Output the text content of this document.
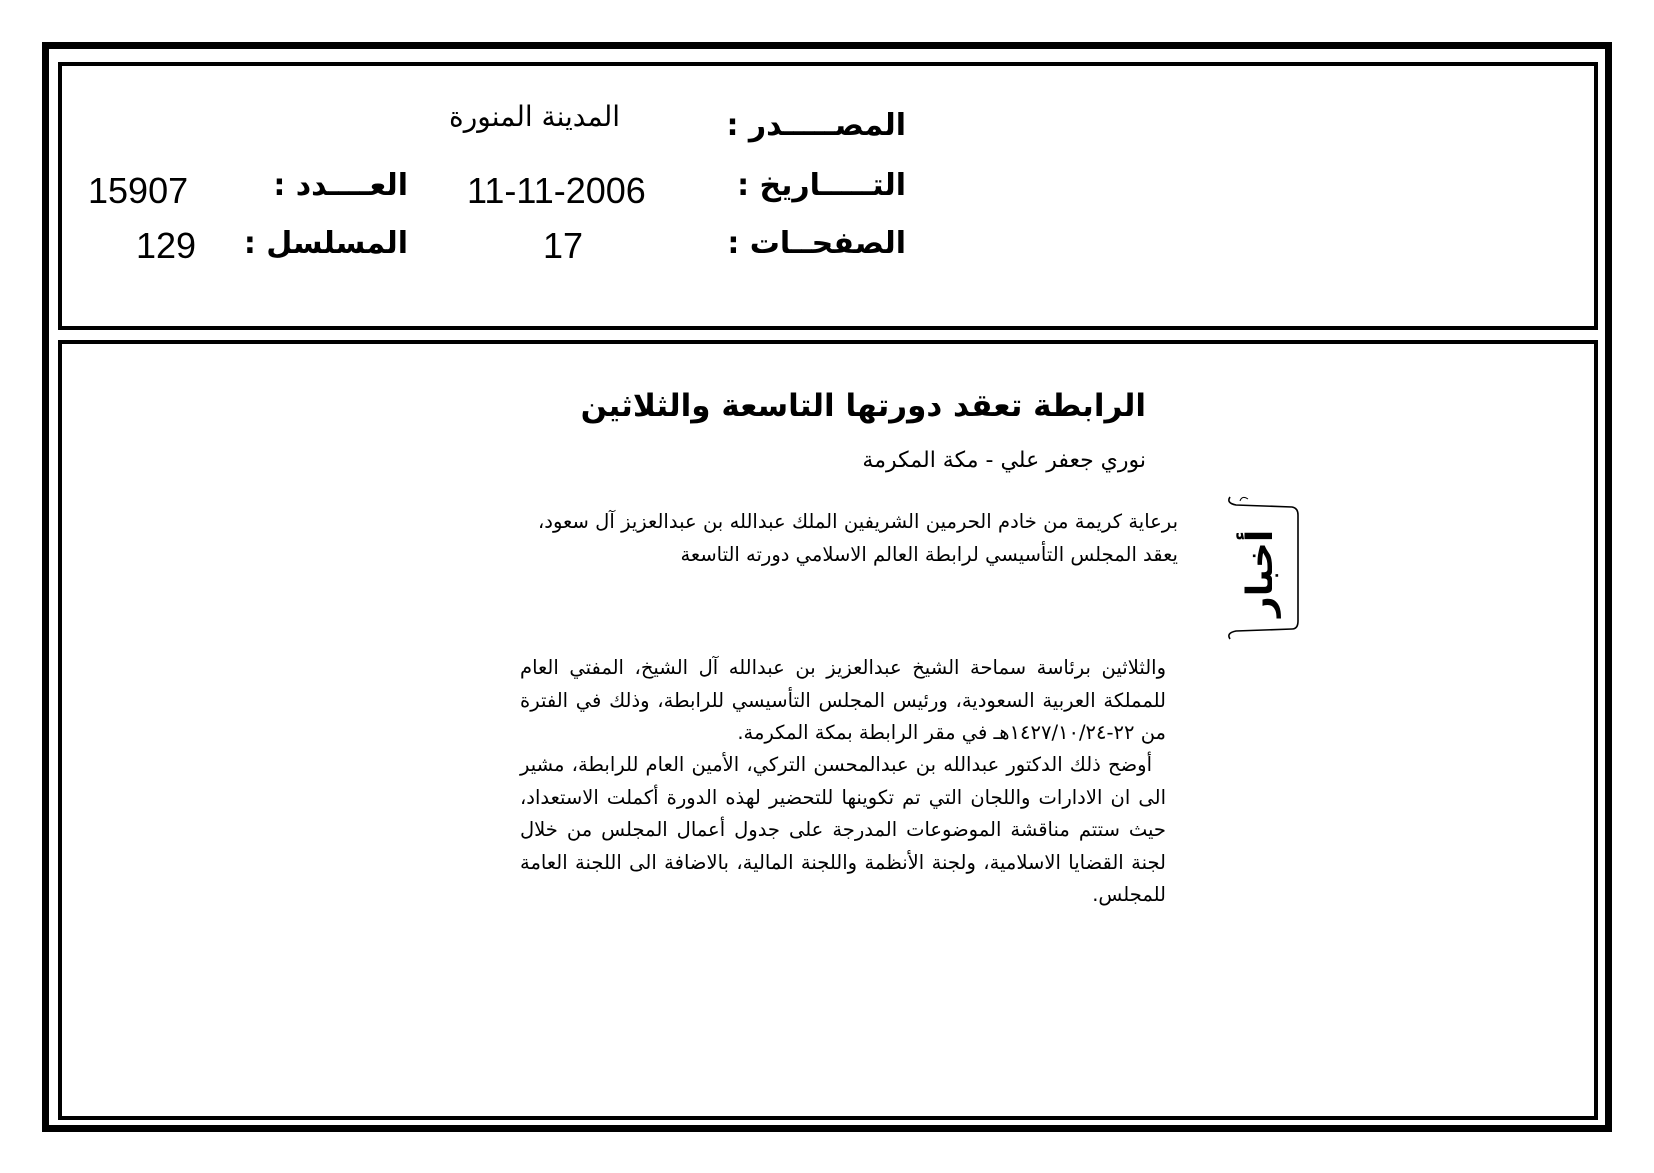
المصـــــدر :
المدينة المنورة
التـــــاريخ :
11-11-2006
العــــدد :
15907
الصفحــات :
17
المسلسل :
129
الرابطة تعقد دورتها التاسعة والثلاثين
نوري جعفر علي - مكة المكرمة
برعاية كريمة من خادم الحرمين الشريفين الملك عبدالله بن عبدالعزيز آل سعود، يعقد المجلس التأسيسي لرابطة العالم الاسلامي دورته التاسعة
والثلاثين برئاسة سماحة الشيخ عبدالعزيز بن عبدالله آل الشيخ، المفتي العام للمملكة العربية السعودية، ورئيس المجلس التأسيسي للرابطة، وذلك في الفترة من ٢٢-١٤٢٧/١٠/٢٤هـ في مقر الرابطة بمكة المكرمة.
أوضح ذلك الدكتور عبدالله بن عبدالمحسن التركي، الأمين العام للرابطة، مشير الى ان الادارات واللجان التي تم تكوينها للتحضير لهذه الدورة أكملت الاستعداد، حيث ستتم مناقشة الموضوعات المدرجة على جدول أعمال المجلس من خلال لجنة القضايا الاسلامية، ولجنة الأنظمة واللجنة المالية، بالاضافة الى اللجنة العامة للمجلس.
أخبار
